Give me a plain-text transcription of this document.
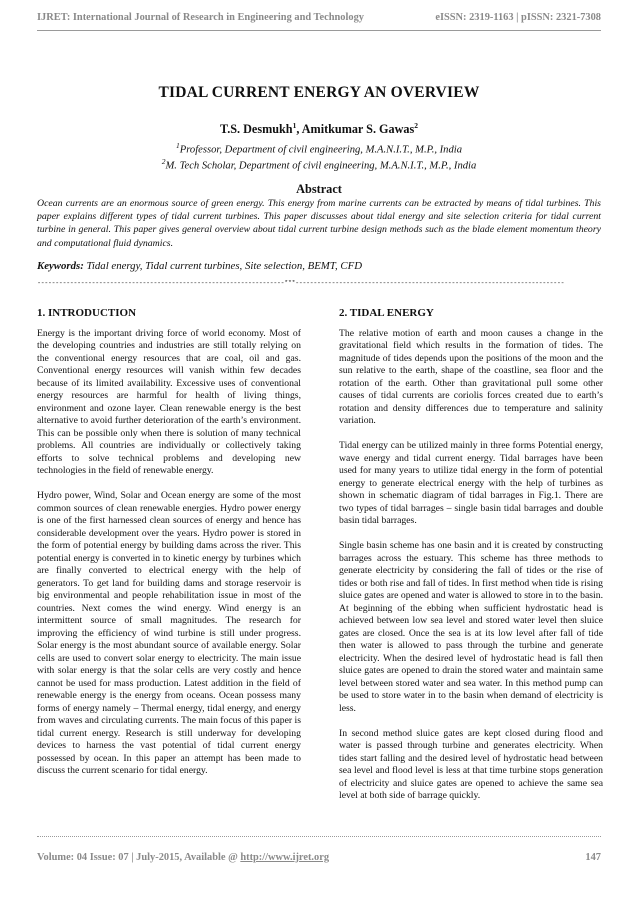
IJRET: International Journal of Research in Engineering and Technology	eISSN: 2319-1163 | pISSN: 2321-7308
TIDAL CURRENT ENERGY AN OVERVIEW
T.S. Desmukh$^1$, Amitkumar S. Gawas$^2$
$^1$Professor, Department of civil engineering, M.A.N.I.T., M.P., India
$^2$M. Tech Scholar, Department of civil engineering, M.A.N.I.T., M.P., India
Abstract
Ocean currents are an enormous source of green energy. This energy from marine currents can be extracted by means of tidal turbines. This paper explains different types of tidal current turbines. This paper discusses about tidal energy and site selection criteria for tidal current turbine in general. This paper gives general overview about tidal current turbine design methods such as the blade element momentum theory and computational fluid dynamics.
Keywords: Tidal energy, Tidal current turbines, Site selection, BEMT, CFD
--------------------------------------------------------------------***--------------------------------------------------------------------------
1. INTRODUCTION

Energy is the important driving force of world economy. Most of the developing countries and industries are still totally relying on the conventional energy resources that are coal, oil and gas. Conventional energy resources will vanish within few decades because of its limited availability. Excessive uses of conventional energy resources are harmful for health of living things, environment and ozone layer. Clean renewable energy is the best alternative to avoid further deterioration of the earth’s environment. This can be possible only when there is solution of many technical problems. All countries are individually or collectively taking efforts to solve technical problems and developing new technologies in the field of renewable energy.

Hydro power, Wind, Solar and Ocean energy are some of the most common sources of clean renewable energies. Hydro power energy is one of the first harnessed clean sources of energy and hence has considerable development over the years. Hydro power is stored in the form of potential energy by building dams across the river. This potential energy is converted in to kinetic energy by turbines which are finally converted to electrical energy with the help of generators. To get land for building dams and storage reservoir is big environmental and people rehabilitation issue in most of the countries. Next comes the wind energy. Wind energy is an intermittent source of small magnitudes. The research for improving the efficiency of wind turbine is still under progress. Solar energy is the most abundant source of available energy. Solar cells are used to convert solar energy to electricity. The main issue with solar energy is that the solar cells are very costly and hence cannot be used for mass production. Latest addition in the field of renewable energy is the energy from oceans. Ocean possess many forms of energy namely – Thermal energy, tidal energy, and energy from waves and circulating currents. The main focus of this paper is tidal current energy. Research is still underway for developing devices to harness the vast potential of tidal current energy possessed by ocean. In this paper an attempt has been made to discuss the current scenario for tidal energy.

2. TIDAL ENERGY

The relative motion of earth and moon causes a change in the gravitational field which results in the formation of tides. The magnitude of tides depends upon the positions of the moon and the sun relative to the earth, shape of the coastline, sea floor and the rotation of the earth. Other than gravitational pull some other causes of tidal currents are coriolis forces created due to earth’s rotation and density differences due to temperature and salinity variation.

Tidal energy can be utilized mainly in three forms Potential energy, wave energy and tidal current energy. Tidal barrages have been used for many years to utilize tidal energy in the form of potential energy to generate electrical energy with the help of turbines as shown in schematic diagram of tidal barrages in Fig.1. There are two types of tidal barrages – single basin tidal barrages and double basin tidal barrages.

Single basin scheme has one basin and it is created by constructing barrages across the estuary. This scheme has three methods to generate electricity by considering the fall of tides or the rise of tides or both rise and fall of tides. In first method when tide is rising sluice gates are opened and water is allowed to store in to the basin. At beginning of the ebbing when sufficient hydrostatic head is achieved between low sea level and stored water level then sluice gates are closed. Once the sea is at its low level after fall of tide then water is allowed to pass through the turbine and generate electricity. When the desired level of hydrostatic head is fall then sluice gates are opened to drain the stored water and maintain same level between stored water and sea water. In this method pump can be used to store water in to the basin when demand of electricity is less.

In second method sluice gates are kept closed during flood and water is passed through turbine and generates electricity. When tides start falling and the desired level of hydrostatic head between sea level and flood level is less at that time turbine stops generation of electricity and sluice gates are opened to achieve the same sea level at both side of barrage quickly.

Volume: 04 Issue: 07 | July-2015, Available @ http://www.ijret.org	147
